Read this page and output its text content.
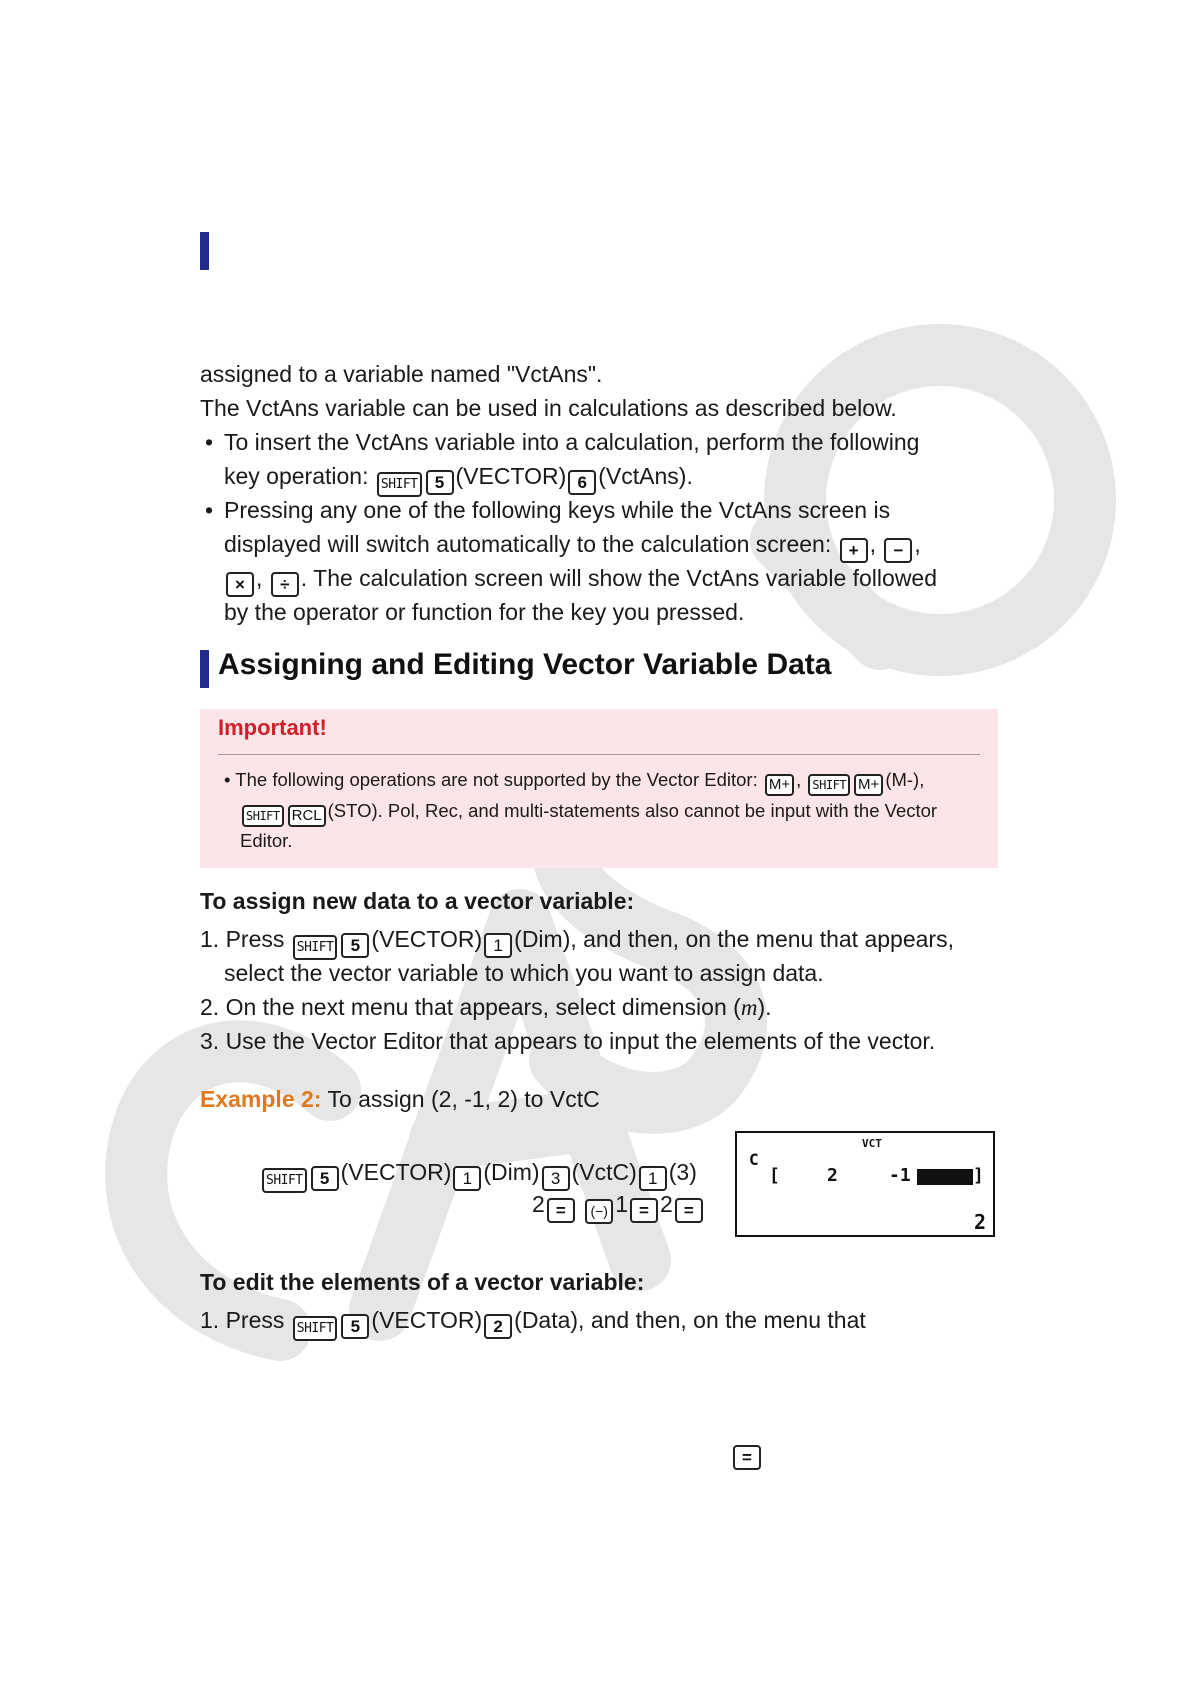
assigned to a variable named "VctAns".
The VctAns variable can be used in calculations as described below.
• To insert the VctAns variable into a calculation, perform the following
key operation: SHIFT 5 (VECTOR) 6 (VctAns).
• Pressing any one of the following keys while the VctAns screen is
displayed will switch automatically to the calculation screen: + , − ,
× , ÷ . The calculation screen will show the VctAns variable followed
by the operator or function for the key you pressed.
Assigning and Editing Vector Variable Data
Important!
• The following operations are not supported by the Vector Editor: M+ , SHIFT M+ (M-),
SHIFT RCL (STO). Pol, Rec, and multi-statements also cannot be input with the Vector
Editor.
To assign new data to a vector variable:
1. Press SHIFT 5 (VECTOR) 1 (Dim), and then, on the menu that appears,
select the vector variable to which you want to assign data.
2. On the next menu that appears, select dimension (m).
3. Use the Vector Editor that appears to input the elements of the vector.
Example 2: To assign (2, -1, 2) to VctC
SHIFT 5 (VECTOR) 1 (Dim) 3 (VctC) 1 (3)
2 = (−) 1 = 2 =
VCT
C
[	2	-1	]
2
To edit the elements of a vector variable:
1. Press SHIFT 5 (VECTOR) 2 (Data), and then, on the menu that
=
